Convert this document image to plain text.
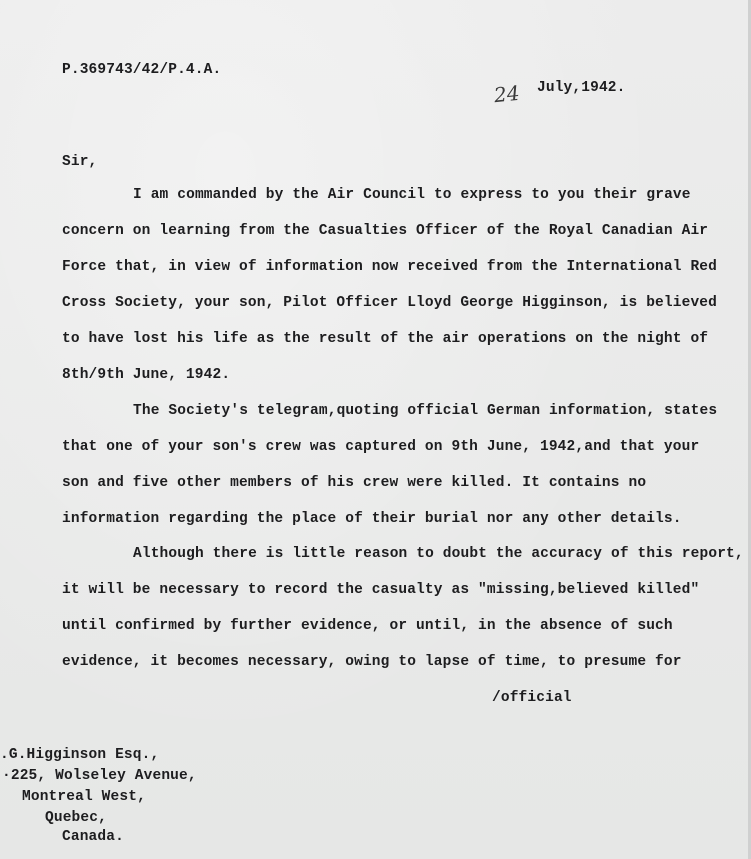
P.369743/42/P.4.A.
24 July,1942.
Sir,
I am commanded by the Air Council to express to you their grave
concern on learning from the Casualties Officer of the Royal Canadian Air
Force that, in view of information now received from the International Red
Cross Society, your son, Pilot Officer Lloyd George Higginson, is believed
to have lost his life as the result of the air operations on the night of
8th/9th June, 1942.
The Society's telegram,quoting official German information, states
that one of your son's crew was captured on 9th June, 1942,and that your
son and five other members of his crew were killed. It contains no
information regarding the place of their burial nor any other details.
Although there is little reason to doubt the accuracy of this report,
it will be necessary to record the casualty as "missing,believed killed"
until confirmed by further evidence, or until, in the absence of such
evidence, it becomes necessary, owing to lapse of time, to presume for
/official
.G.Higginson Esq.,
·225, Wolseley Avenue,
Montreal West,
Quebec,
Canada.
